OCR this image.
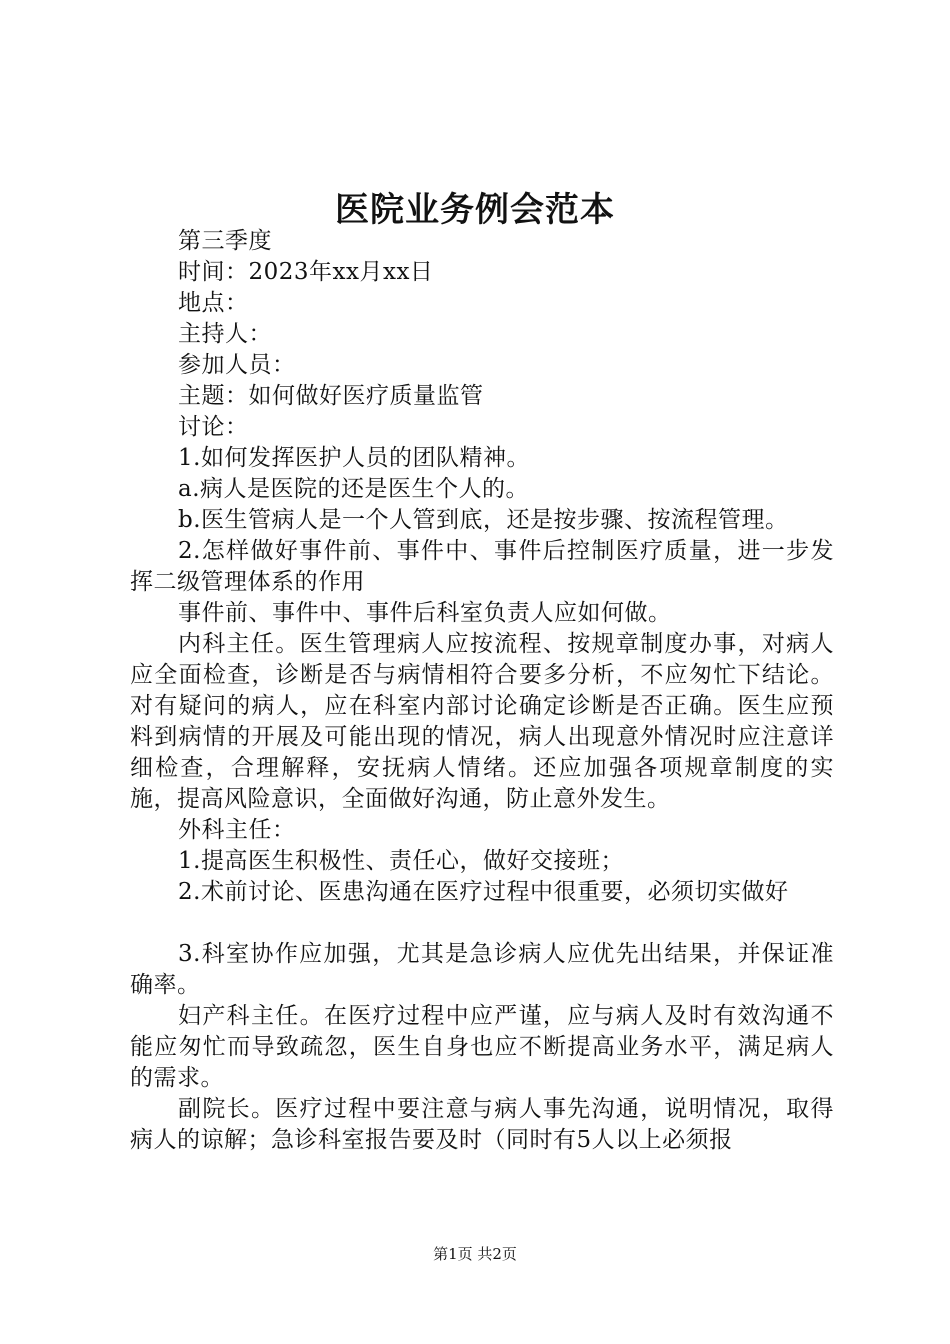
医院业务例会范本

第三季度

时间：2023年xx月xx日

地点：

主持人：

参加人员：

主题：如何做好医疗质量监管

讨论：

1.如何发挥医护人员的团队精神。

a.病人是医院的还是医生个人的。

b.医生管病人是一个人管到底，还是按步骤、按流程管理。

2.怎样做好事件前、事件中、事件后控制医疗质量，进一步发挥二级管理体系的作用

事件前、事件中、事件后科室负责人应如何做。

内科主任。医生管理病人应按流程、按规章制度办事，对病人应全面检查，诊断是否与病情相符合要多分析，不应匆忙下结论。对有疑问的病人，应在科室内部讨论确定诊断是否正确。医生应预料到病情的开展及可能出现的情况，病人出现意外情况时应注意详细检查，合理解释，安抚病人情绪。还应加强各项规章制度的实施，提高风险意识，全面做好沟通，防止意外发生。

外科主任：

1.提高医生积极性、责任心，做好交接班；

2.术前讨论、医患沟通在医疗过程中很重要，必须切实做好

3.科室协作应加强，尤其是急诊病人应优先出结果，并保证准确率。

妇产科主任。在医疗过程中应严谨，应与病人及时有效沟通不能应匆忙而导致疏忽，医生自身也应不断提高业务水平，满足病人的需求。

副院长。医疗过程中要注意与病人事先沟通，说明情况，取得病人的谅解；急诊科室报告要及时（同时有5人以上必须报

第1页 共2页
